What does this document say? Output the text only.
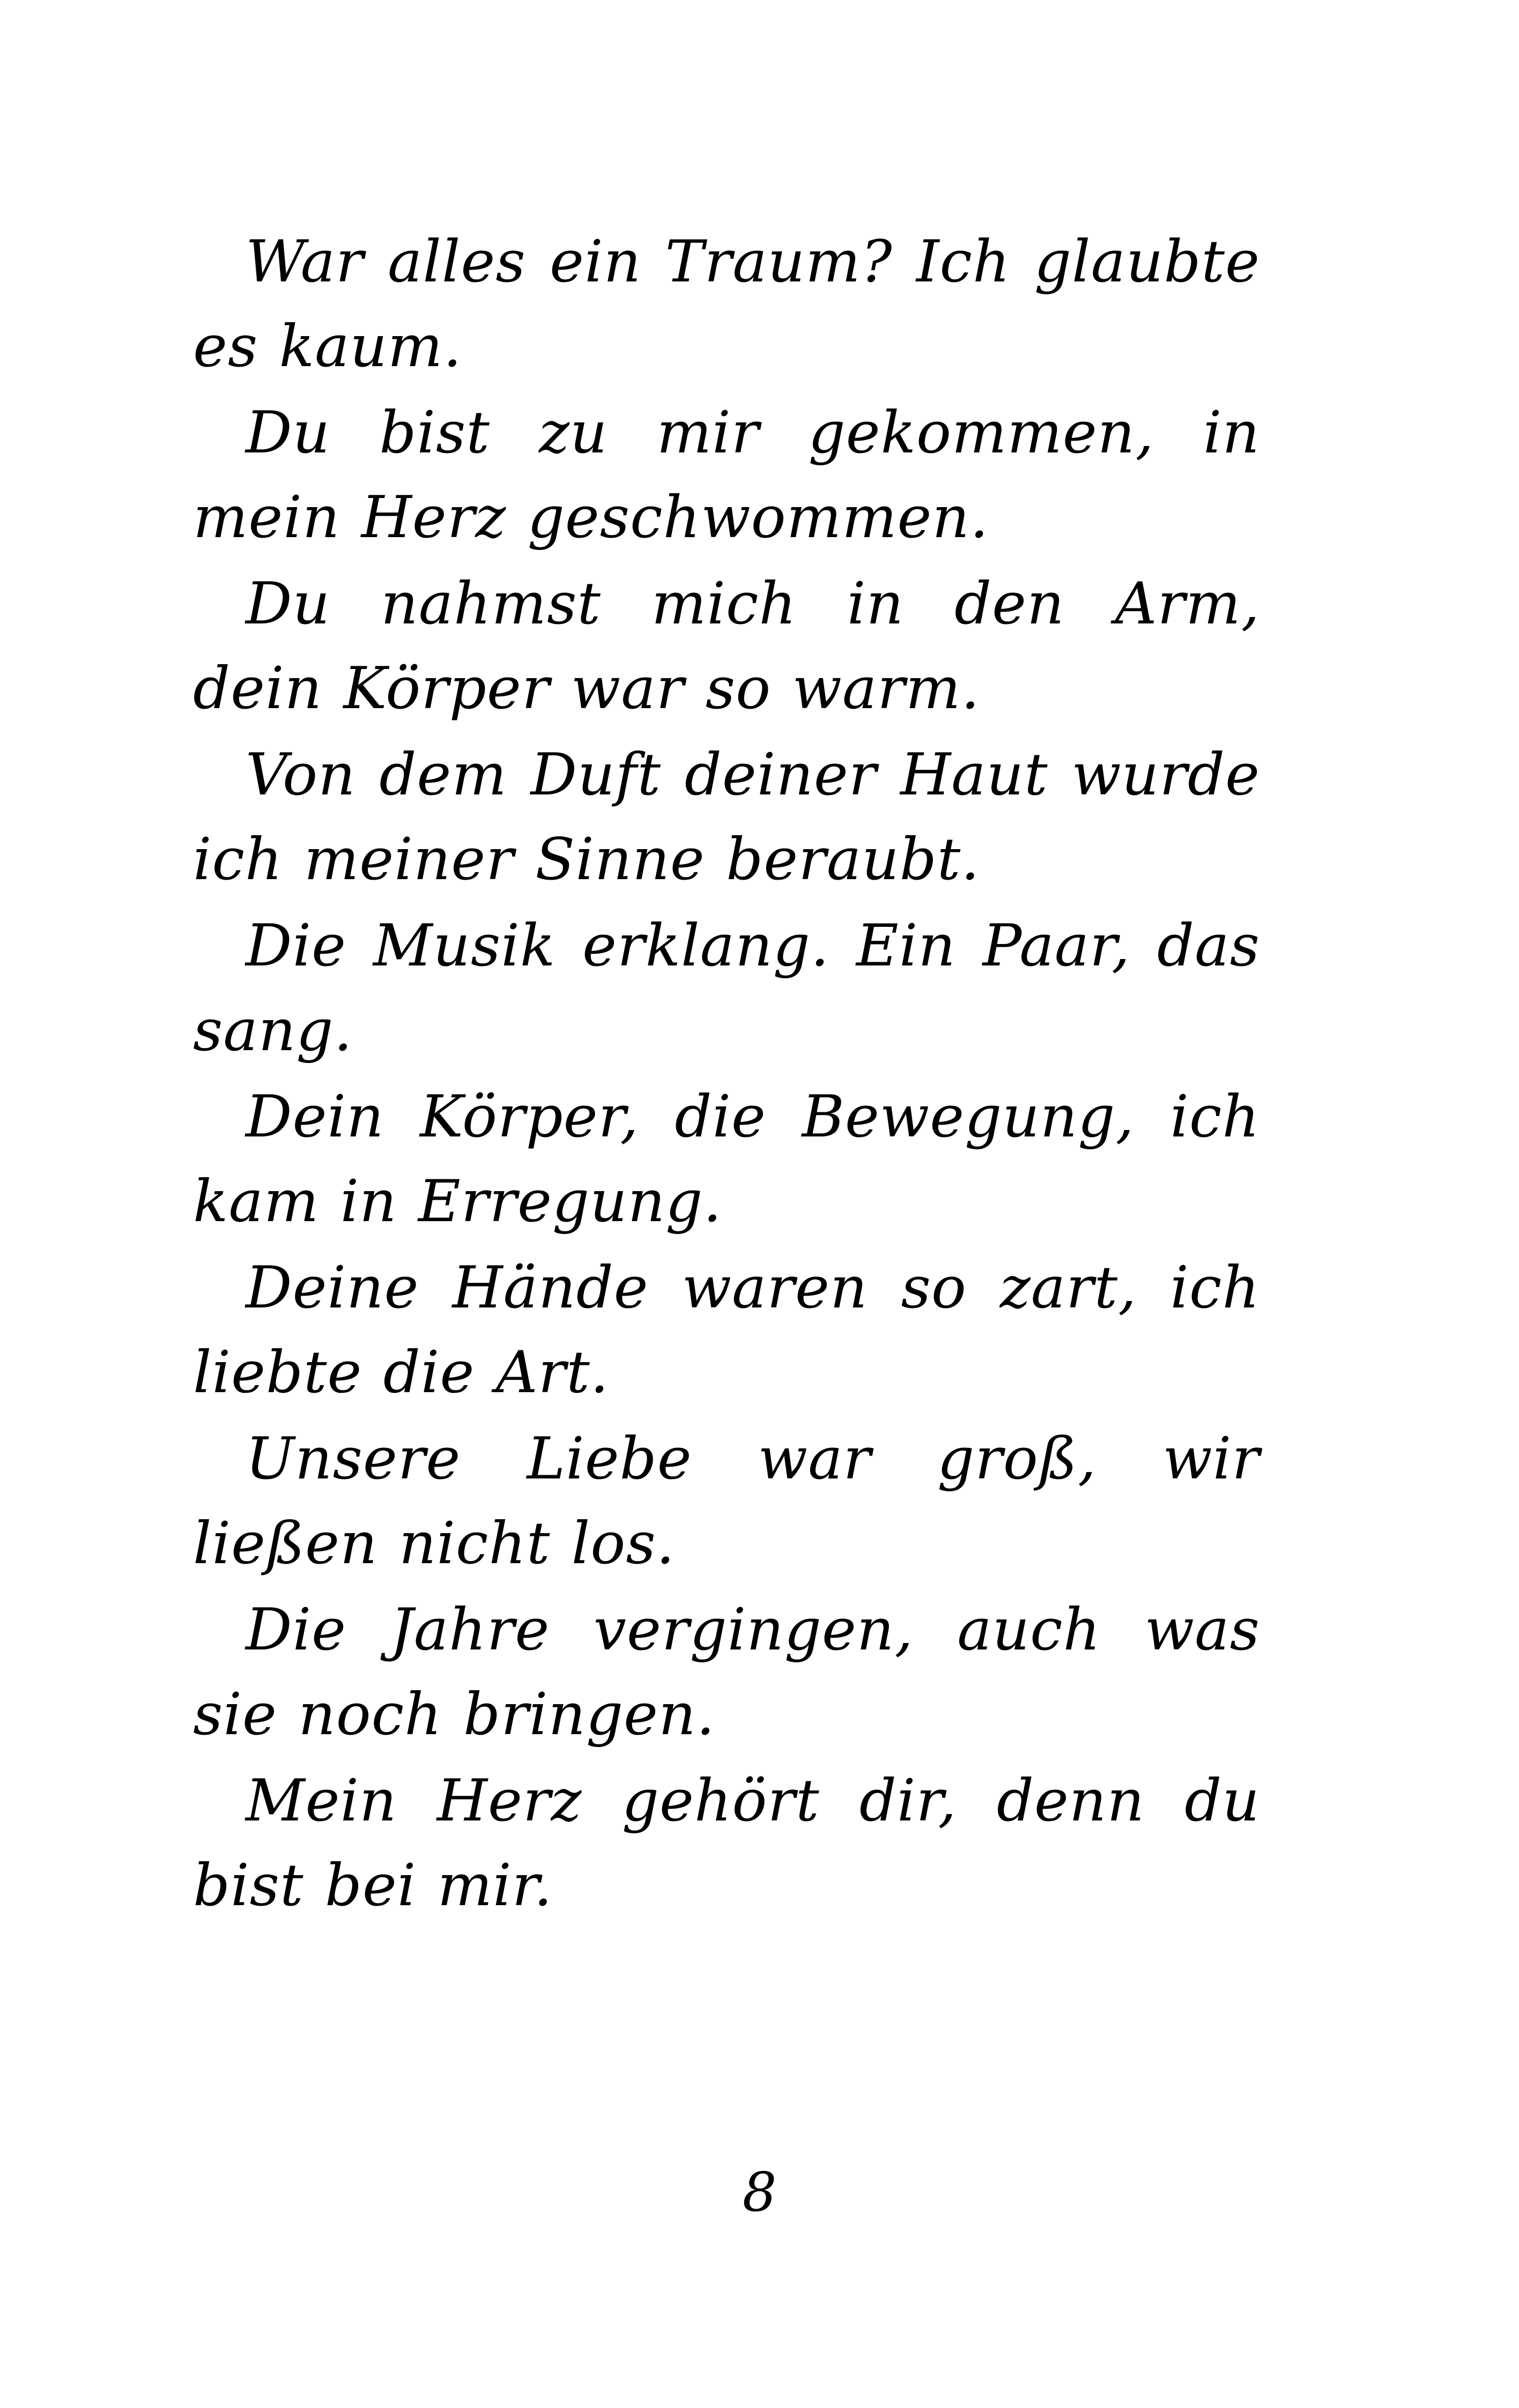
War alles ein Traum? Ich glaubte es kaum.

Du bist zu mir gekommen, in mein Herz geschwommen.

Du nahmst mich in den Arm, dein Körper war so warm.

Von dem Duft deiner Haut wurde ich meiner Sinne beraubt.

Die Musik erklang. Ein Paar, das sang.

Dein Körper, die Bewegung, ich kam in Erregung.

Deine Hände waren so zart, ich liebte die Art.

Unsere Liebe war groß, wir ließen nicht los.

Die Jahre vergingen, auch was sie noch bringen.

Mein Herz gehört dir, denn du bist bei mir.

8
